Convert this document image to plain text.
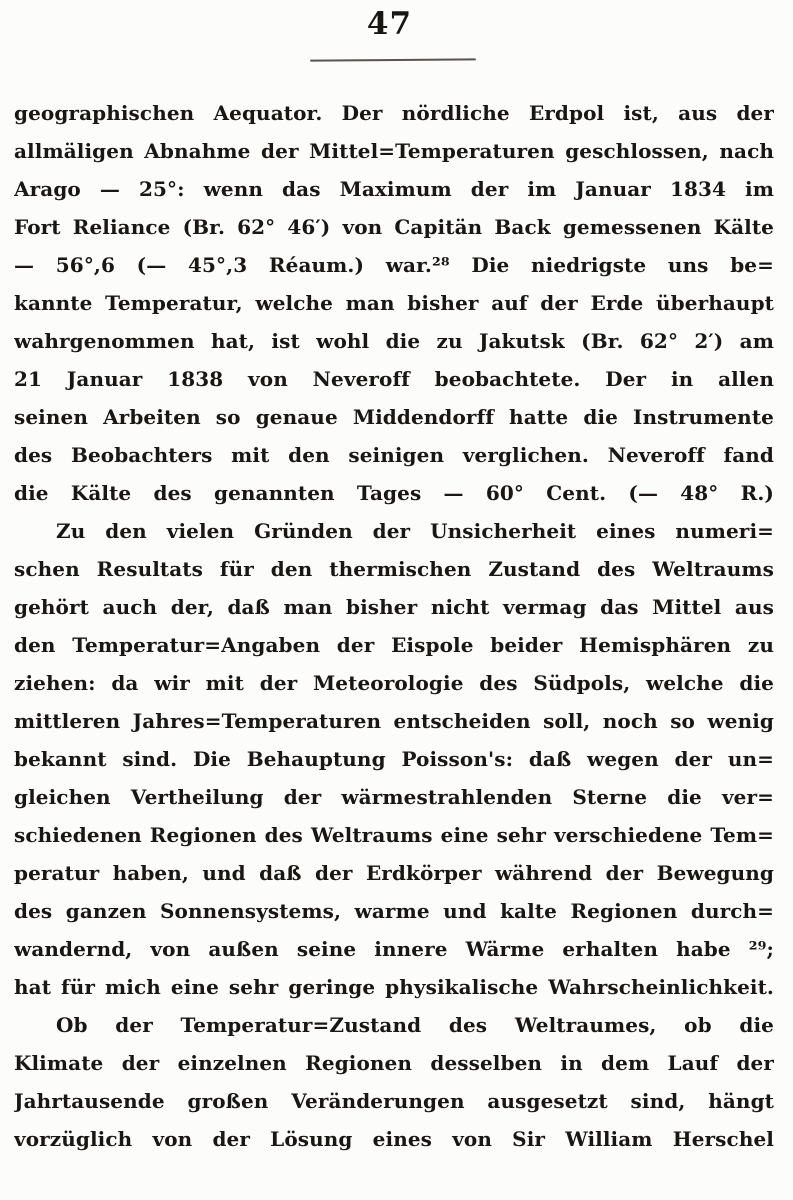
47
geographischen Aequator. Der nördliche Erdpol ist, aus der
allmäligen Abnahme der Mittel=Temperaturen geschlossen, nach
Arago — 25°: wenn das Maximum der im Januar 1834 im
Fort Reliance (Br. 62° 46′) von Capitän Back gemessenen Kälte
— 56°,6 (— 45°,3 Réaum.) war.²⁸ Die niedrigste uns be=
kannte Temperatur, welche man bisher auf der Erde überhaupt
wahrgenommen hat, ist wohl die zu Jakutsk (Br. 62° 2′) am
21 Januar 1838 von Neveroff beobachtete. Der in allen
seinen Arbeiten so genaue Middendorff hatte die Instrumente
des Beobachters mit den seinigen verglichen. Neveroff fand
die Kälte des genannten Tages — 60° Cent. (— 48° R.)
Zu den vielen Gründen der Unsicherheit eines numeri=
schen Resultats für den thermischen Zustand des Weltraums
gehört auch der, daß man bisher nicht vermag das Mittel aus
den Temperatur=Angaben der Eispole beider Hemisphären zu
ziehen: da wir mit der Meteorologie des Südpols, welche die
mittleren Jahres=Temperaturen entscheiden soll, noch so wenig
bekannt sind. Die Behauptung Poisson's: daß wegen der un=
gleichen Vertheilung der wärmestrahlenden Sterne die ver=
schiedenen Regionen des Weltraums eine sehr verschiedene Tem=
peratur haben, und daß der Erdkörper während der Bewegung
des ganzen Sonnensystems, warme und kalte Regionen durch=
wandernd, von außen seine innere Wärme erhalten habe ²⁹;
hat für mich eine sehr geringe physikalische Wahrscheinlichkeit.
Ob der Temperatur=Zustand des Weltraumes, ob die
Klimate der einzelnen Regionen desselben in dem Lauf der
Jahrtausende großen Veränderungen ausgesetzt sind, hängt
vorzüglich von der Lösung eines von Sir William Herschel
